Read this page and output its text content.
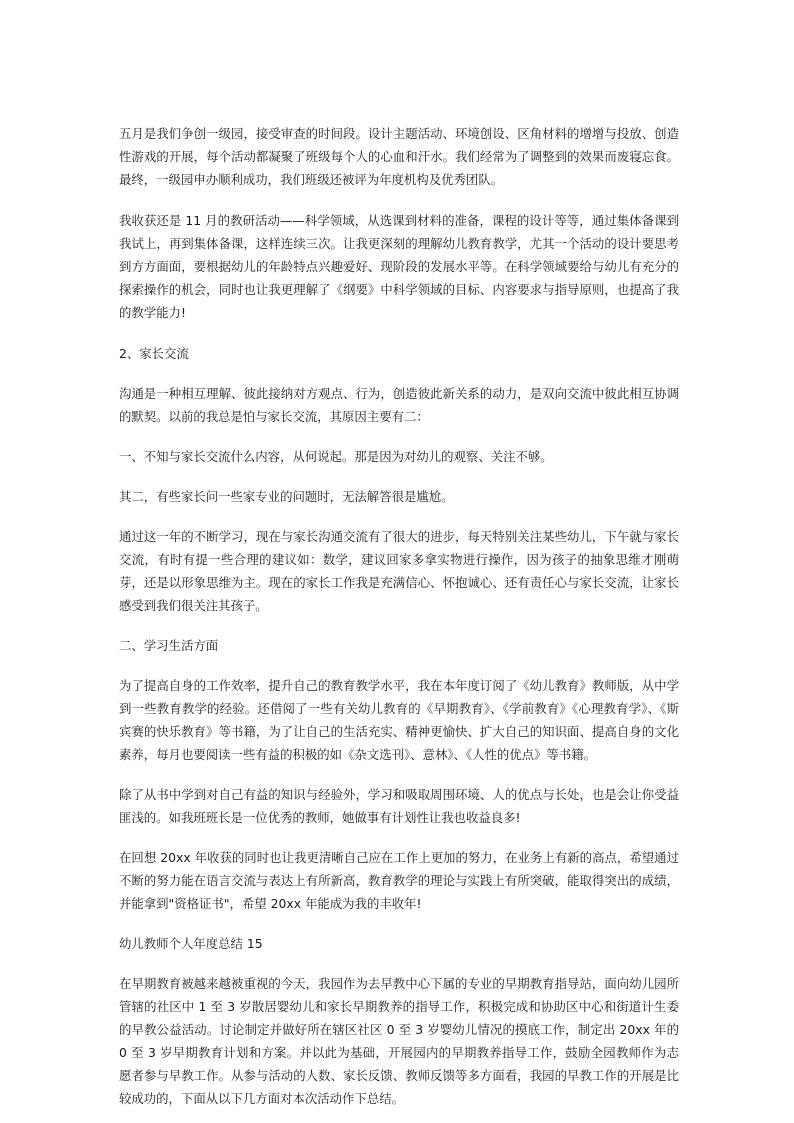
五月是我们争创一级园，接受审查的时间段。设计主题活动、环境创设、区角材料的增增与投放、创造性游戏的开展，每个活动都凝聚了班级每个人的心血和汗水。我们经常为了调整到的效果而废寝忘食。最终，一级园申办顺利成功，我们班级还被评为年度机构及优秀团队。

我收获还是 11 月的教研活动——科学领域，从选课到材料的准备，课程的设计等等，通过集体备课到我试上，再到集体备课，这样连续三次。让我更深刻的理解幼儿教育教学，尤其一个活动的设计要思考到方方面面，要根据幼儿的年龄特点兴趣爱好、现阶段的发展水平等。在科学领域要给与幼儿有充分的探索操作的机会，同时也让我更理解了《纲要》中科学领域的目标、内容要求与指导原则，也提高了我的教学能力!

2、家长交流

沟通是一种相互理解、彼此接纳对方观点、行为，创造彼此新关系的动力，是双向交流中彼此相互协调的默契。以前的我总是怕与家长交流，其原因主要有二：

一、不知与家长交流什么内容，从何说起。那是因为对幼儿的观察、关注不够。

其二，有些家长问一些家专业的问题时，无法解答很是尴尬。

通过这一年的不断学习，现在与家长沟通交流有了很大的进步，每天特别关注某些幼儿，下午就与家长交流，有时有提一些合理的建议如：数学，建议回家多拿实物进行操作，因为孩子的抽象思维才刚萌芽，还是以形象思维为主。现在的家长工作我是充满信心、怀抱诚心、还有责任心与家长交流，让家长感受到我们很关注其孩子。

二、学习生活方面

为了提高自身的工作效率，提升自己的教育教学水平，我在本年度订阅了《幼儿教育》教师版，从中学到一些教育教学的经验。还借阅了一些有关幼儿教育的《早期教育》、《学前教育》《心理教育学》、《斯宾赛的快乐教育》等书籍，为了让自己的生活充实、精神更愉快、扩大自己的知识面、提高自身的文化素养，每月也要阅读一些有益的积极的如《杂文选刊》、意林》、《人性的优点》等书籍。

除了从书中学到对自己有益的知识与经验外，学习和吸取周围环境、人的优点与长处，也是会让你受益匪浅的。如我班班长是一位优秀的教师，她做事有计划性让我也收益良多!

在回想 20xx 年收获的同时也让我更清晰自己应在工作上更加的努力，在业务上有新的高点，希望通过不断的努力能在语言交流与表达上有所新高，教育教学的理论与实践上有所突破，能取得突出的成绩，并能拿到"资格证书"，希望 20xx 年能成为我的丰收年!

幼儿教师个人年度总结 15

在早期教育被越来越被重视的今天，我园作为去早教中心下属的专业的早期教育指导站，面向幼儿园所管辖的社区中 1 至 3 岁散居婴幼儿和家长早期教养的指导工作，积极完成和协助区中心和街道计生委的早教公益活动。讨论制定并做好所在辖区社区 0 至 3 岁婴幼儿情况的摸底工作，制定出 20xx 年的 0 至 3 岁早期教育计划和方案。并以此为基础，开展园内的早期教养指导工作，鼓励全园教师作为志愿者参与早教工作。从参与活动的人数、家长反馈、教师反馈等多方面看，我园的早教工作的开展是比较成功的，下面从以下几方面对本次活动作下总结。
